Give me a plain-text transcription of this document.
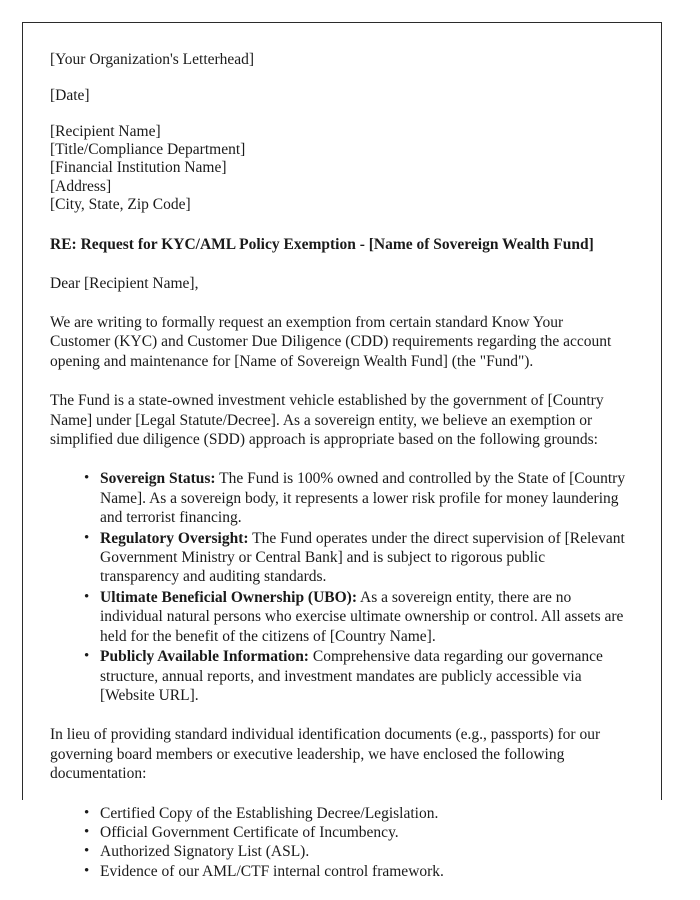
[Your Organization's Letterhead]
[Date]
[Recipient Name]
[Title/Compliance Department]
[Financial Institution Name]
[Address]
[City, State, Zip Code]
RE: Request for KYC/AML Policy Exemption - [Name of Sovereign Wealth Fund]
Dear [Recipient Name],

We are writing to formally request an exemption from certain standard Know Your Customer (KYC) and Customer Due Diligence (CDD) requirements regarding the account opening and maintenance for [Name of Sovereign Wealth Fund] (the "Fund").

The Fund is a state-owned investment vehicle established by the government of [Country Name] under [Legal Statute/Decree]. As a sovereign entity, we believe an exemption or simplified due diligence (SDD) approach is appropriate based on the following grounds:

• Sovereign Status: The Fund is 100% owned and controlled by the State of [Country Name]. As a sovereign body, it represents a lower risk profile for money laundering and terrorist financing.
• Regulatory Oversight: The Fund operates under the direct supervision of [Relevant Government Ministry or Central Bank] and is subject to rigorous public transparency and auditing standards.
• Ultimate Beneficial Ownership (UBO): As a sovereign entity, there are no individual natural persons who exercise ultimate ownership or control. All assets are held for the benefit of the citizens of [Country Name].
• Publicly Available Information: Comprehensive data regarding our governance structure, annual reports, and investment mandates are publicly accessible via [Website URL].

In lieu of providing standard individual identification documents (e.g., passports) for our governing board members or executive leadership, we have enclosed the following documentation:

• Certified Copy of the Establishing Decree/Legislation.
• Official Government Certificate of Incumbency.
• Authorized Signatory List (ASL).
• Evidence of our AML/CTF internal control framework.
